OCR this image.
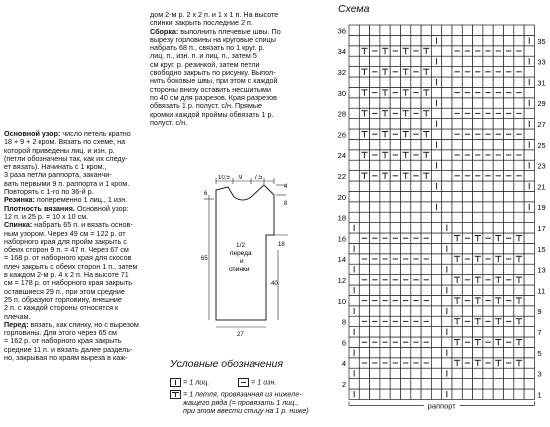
Основной узор: число петель кратно

18 + 9 + 2 кром. Вязать по схеме, на

которой приведены лиц. и изн. р.

(петли обозначены так, как их следу-

ет вязать). Начинать с 1 кром.,

3 раза петли раппорта, заканчи-

вать первыми 9 п. раппорта и 1 кром.

Повторять с 1-го по 36-й р.

Резинка: попеременно 1 лиц., 1 изн.

Плотность вязания. Основной узор:

12 п. и 25 р. = 10 х 10 см.

Спинка: набрать 65 п. и вязать основ-

ным узором. Через 49 см = 122 р. от

наборного края для пройм закрыть с

обеих сторон 9 п. = 47 п. Через 67 см

= 168 р. от наборного края для скосов

плеч закрыть с обеих сторон 1 п., затем

в каждом 2-м р. 4 х 2 п. На высоте 71

см = 178 р. от наборного края закрыть

оставшиеся 29 п., при этом средние

25 п. образуют горловину, внешние

2 п. с каждой стороны относятся к

плечам.

Перед: вязать, как спинку, но с вырезом

горловины. Для этого через 65 см

= 162 р. от наборного края закрыть

средние 11 п. и вязать далее раздель-

но, закрывая по краям выреза в каж-

дом 2-м р. 2 х 2 п. и 1 х 1 п. На высоте

спинки закрыть последние 2 п.

Сборка: выполнить плечевые швы. По

вырезу горловины на круговые спицы

набрать 68 п., связать по 1 круг. р.

лиц. п., изн. п. и лиц. п., затем 5

см круг. р. резинкой, затем петли

свободно закрыть по рисунку. Выпол-

нить боковые швы, при этом с каждой

стороны внизу оставить несшитыми

по 40 см для разрезов. Края разрезов

обвязать 1 р. полуст. с/н. Прямые

кромки каждой проймы обвязать 1 р.

полуст. с/н.

10,5 9 7,5
4
8
6
18
65
40
27
1/2
переда
и
спинки
Условные обозначения
= 1 лиц.	= 1 изн.
= 1 петля, провязанная из нижеле-
жащего ряда (= провязать 1 лиц.,
при этом ввести спицу на 1 р. ниже)
Схема
2
4
6
8
10
12
14
16
18
20
22
24
26
28
30
32
34
36
1
3
5
7
9
11
13
15
17
19
21
23
25
27
29
31
33
35
раппорт
